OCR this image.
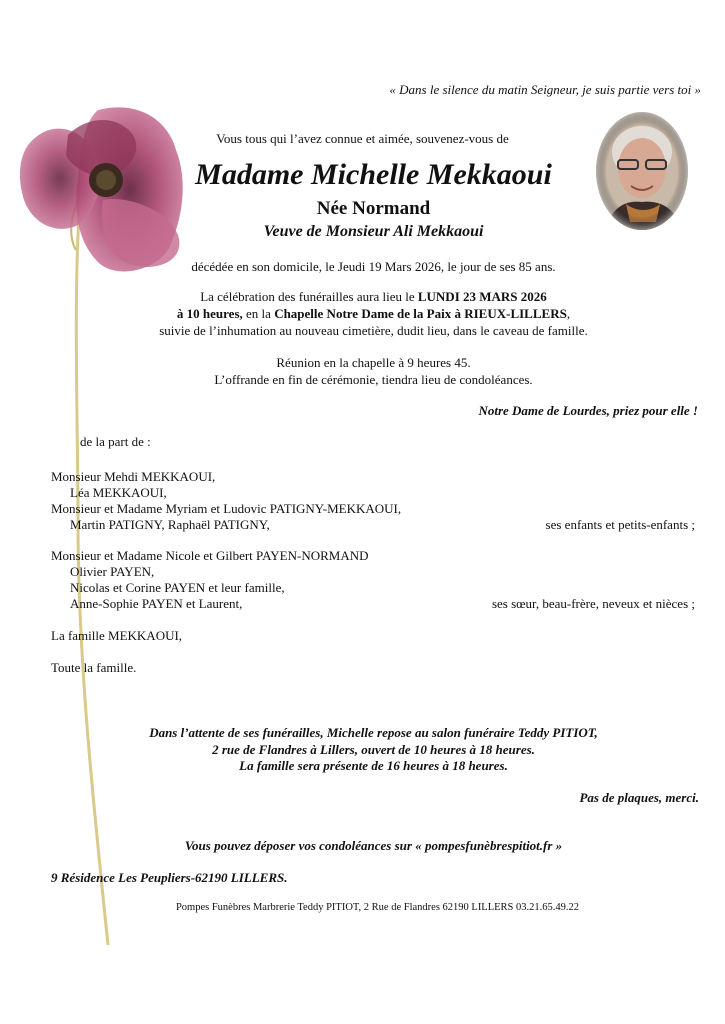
« Dans le silence du matin Seigneur, je suis partie vers toi »
Vous tous qui l’avez connue et aimée, souvenez-vous de
Madame Michelle Mekkaoui
Née Normand
Veuve de Monsieur Ali Mekkaoui
décédée en son domicile, le Jeudi 19 Mars 2026, le jour de ses 85 ans.
La célébration des funérailles aura lieu le LUNDI 23 MARS 2026
à 10 heures, en la Chapelle Notre Dame de la Paix à RIEUX-LILLERS,
suivie de l’inhumation au nouveau cimetière, dudit lieu, dans le caveau de famille.
Réunion en la chapelle à 9 heures 45.
L’offrande en fin de cérémonie, tiendra lieu de condoléances.
Notre Dame de Lourdes, priez pour elle !
de la part de :
Monsieur Mehdi MEKKAOUI,
Léa MEKKAOUI,
Monsieur et Madame Myriam et Ludovic PATIGNY-MEKKAOUI,
Martin PATIGNY, Raphaël PATIGNY,	ses enfants et petits-enfants ;
Monsieur et Madame Nicole et Gilbert PAYEN-NORMAND
Olivier PAYEN,
Nicolas et Corine PAYEN et leur famille,
Anne-Sophie PAYEN et Laurent,	ses sœur, beau-frère, neveux et nièces ;
La famille MEKKAOUI,
Toute la famille.
Dans l’attente de ses funérailles, Michelle repose au salon funéraire Teddy PITIOT,
2 rue de Flandres à Lillers, ouvert de 10 heures à 18 heures.
La famille sera présente de 16 heures à 18 heures.
Pas de plaques, merci.
Vous pouvez déposer vos condoléances sur « pompesfunèbrespitiot.fr »
9 Résidence Les Peupliers-62190 LILLERS.
Pompes Funèbres Marbrerie Teddy PITIOT, 2 Rue de Flandres 62190 LILLERS 03.21.65.49.22
